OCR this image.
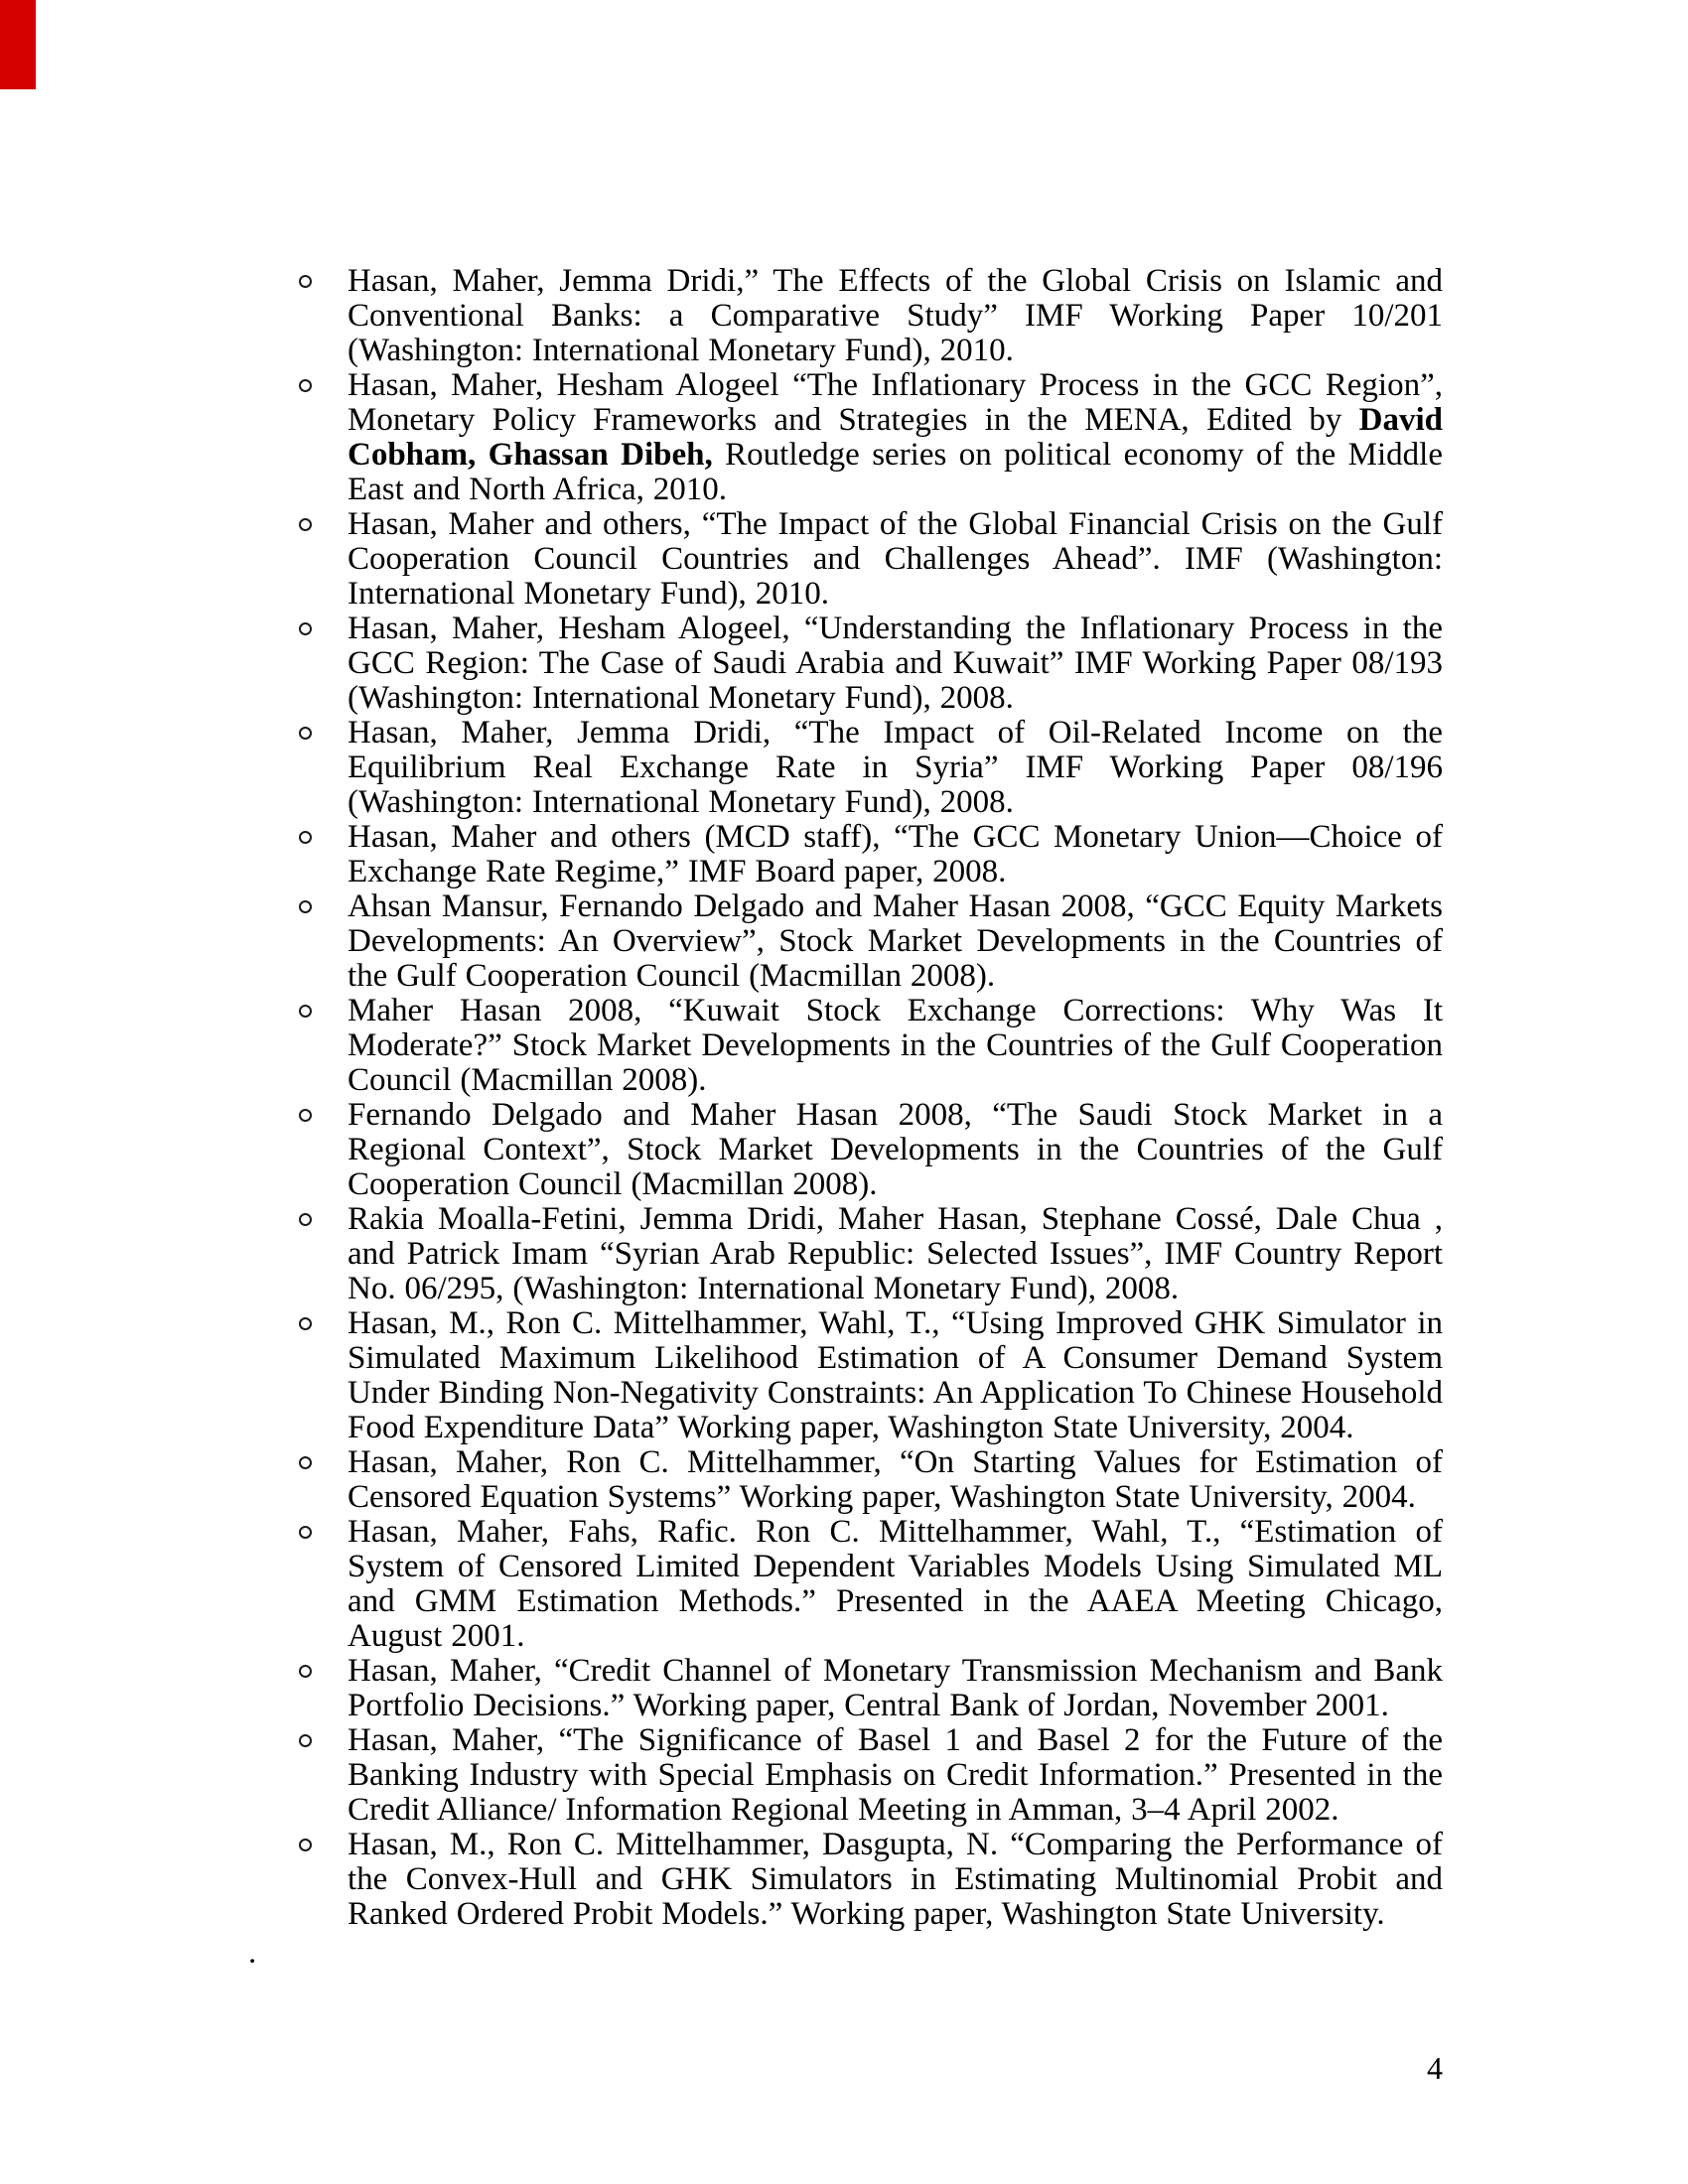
Hasan, Maher, Jemma Dridi,” The Effects of the Global Crisis on Islamic and Conventional Banks: a Comparative Study” IMF Working Paper 10/201 (Washington: International Monetary Fund), 2010.
Hasan, Maher, Hesham Alogeel “The Inflationary Process in the GCC Region”, Monetary Policy Frameworks and Strategies in the MENA, Edited by David Cobham, Ghassan Dibeh, Routledge series on political economy of the Middle East and North Africa, 2010.
Hasan, Maher and others, “The Impact of the Global Financial Crisis on the Gulf Cooperation Council Countries and Challenges Ahead”. IMF (Washington: International Monetary Fund), 2010.
Hasan, Maher, Hesham Alogeel, “Understanding the Inflationary Process in the GCC Region: The Case of Saudi Arabia and Kuwait” IMF Working Paper 08/193 (Washington: International Monetary Fund), 2008.
Hasan, Maher, Jemma Dridi, “The Impact of Oil-Related Income on the Equilibrium Real Exchange Rate in Syria” IMF Working Paper 08/196 (Washington: International Monetary Fund), 2008.
Hasan, Maher and others (MCD staff), “The GCC Monetary Union—Choice of Exchange Rate Regime,” IMF Board paper, 2008.
Ahsan Mansur, Fernando Delgado and Maher Hasan 2008, “GCC Equity Markets Developments: An Overview”, Stock Market Developments in the Countries of the Gulf Cooperation Council (Macmillan 2008).
Maher Hasan 2008, “Kuwait Stock Exchange Corrections: Why Was It Moderate?” Stock Market Developments in the Countries of the Gulf Cooperation Council (Macmillan 2008).
Fernando Delgado and Maher Hasan 2008, “The Saudi Stock Market in a Regional Context”, Stock Market Developments in the Countries of the Gulf Cooperation Council (Macmillan 2008).
Rakia Moalla-Fetini, Jemma Dridi, Maher Hasan, Stephane Cossé, Dale Chua , and Patrick Imam “Syrian Arab Republic: Selected Issues”, IMF Country Report No. 06/295, (Washington: International Monetary Fund), 2008.
Hasan, M., Ron C. Mittelhammer, Wahl, T., “Using Improved GHK Simulator in Simulated Maximum Likelihood Estimation of A Consumer Demand System Under Binding Non-Negativity Constraints: An Application To Chinese Household Food Expenditure Data” Working paper, Washington State University, 2004.
Hasan, Maher, Ron C. Mittelhammer, “On Starting Values for Estimation of Censored Equation Systems” Working paper, Washington State University, 2004.
Hasan, Maher, Fahs, Rafic. Ron C. Mittelhammer, Wahl, T., “Estimation of System of Censored Limited Dependent Variables Models Using Simulated ML and GMM Estimation Methods.” Presented in the AAEA Meeting Chicago, August 2001.
Hasan, Maher, “Credit Channel of Monetary Transmission Mechanism and Bank Portfolio Decisions.” Working paper, Central Bank of Jordan, November 2001.
Hasan, Maher, “The Significance of Basel 1 and Basel 2 for the Future of the Banking Industry with Special Emphasis on Credit Information.” Presented in the Credit Alliance/ Information Regional Meeting in Amman, 3–4 April 2002.
Hasan, M., Ron C. Mittelhammer, Dasgupta, N. “Comparing the Performance of the Convex-Hull and GHK Simulators in Estimating Multinomial Probit and Ranked Ordered Probit Models.” Working paper, Washington State University.
.
4
